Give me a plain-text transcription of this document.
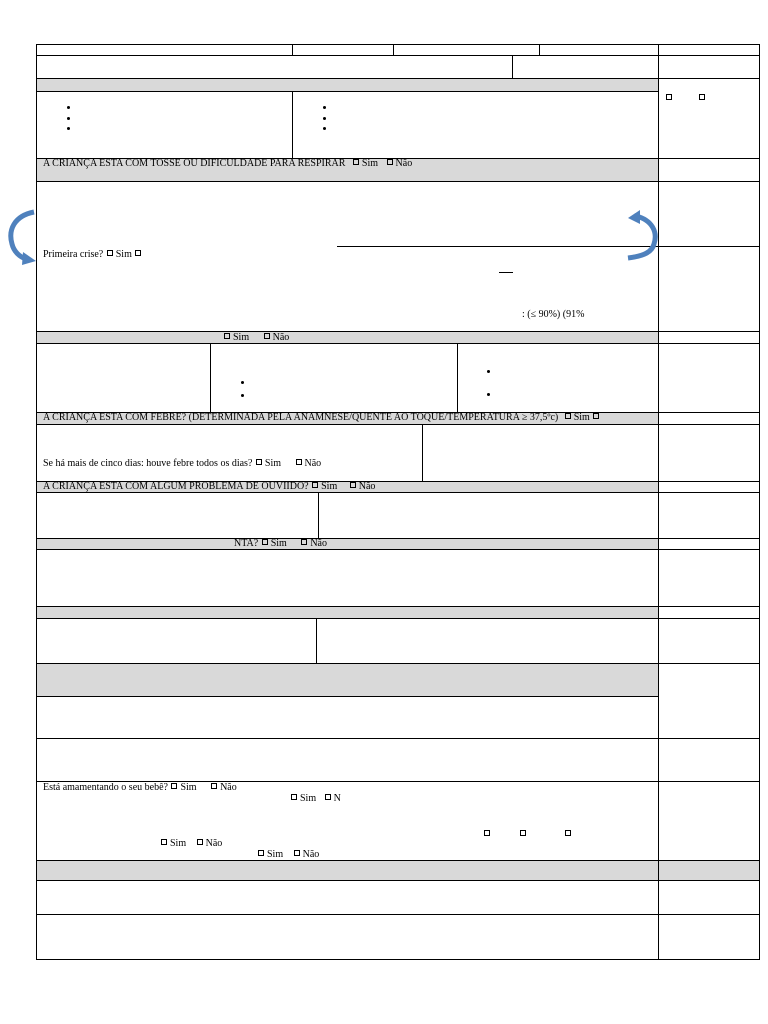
A CRIANÇA ESTA COM TOSSE OU DIFICULDADE PARA RESPIRAR Sim Não
Primeira crise? Sim
: (≤ 90%) (91%
Sim Não
A CRIANÇA ESTA COM FEBRE? (DETERMINADA PELA ANAMNESE/QUENTE AO TOQUE/TEMPERATURA ≥ 37,5ºc) Sim
Se há mais de cinco dias: houve febre todos os dias? Sim Não
A CRIANÇA ESTA COM ALGUM PROBLEMA DE OUVIIDO? Sim Não
NTA? Sim Não
Está amamentando o seu bebê? Sim Não
Sim N
Sim Não
Sim Não
